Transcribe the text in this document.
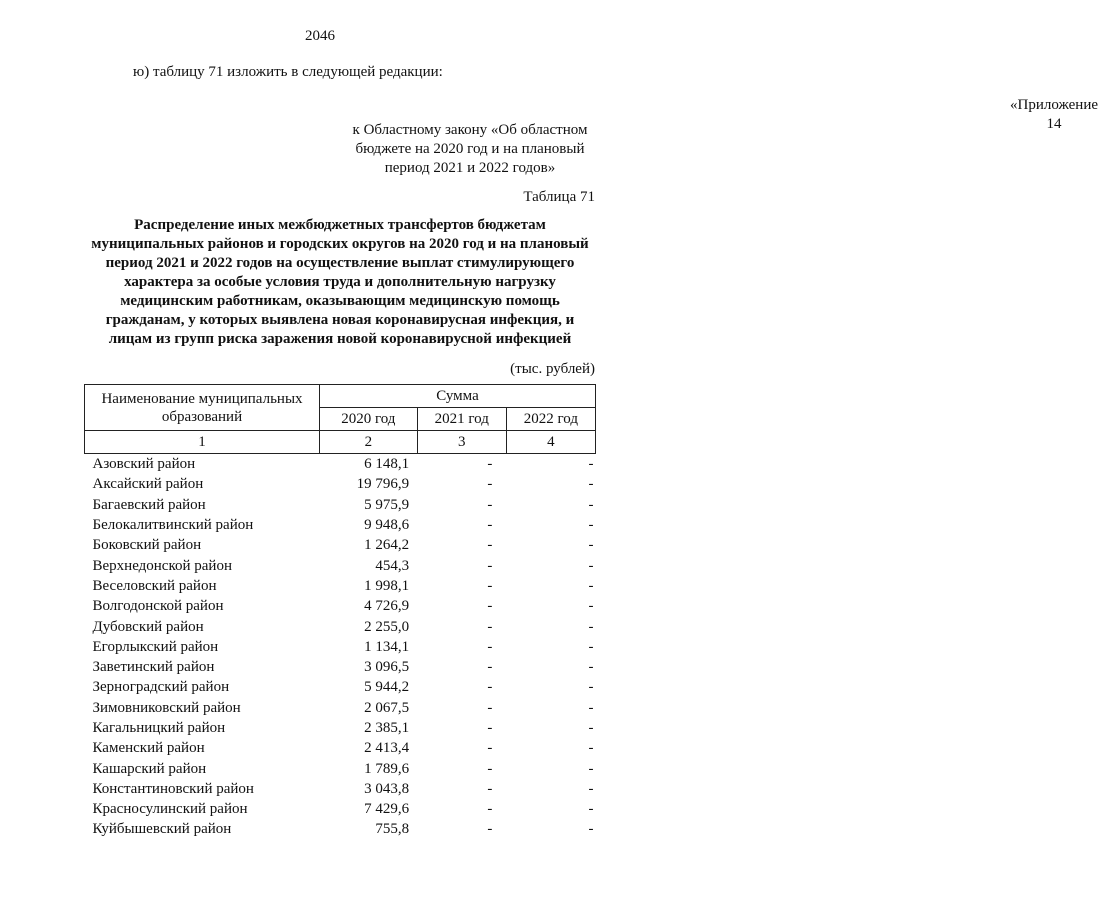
2046
ю) таблицу 71 изложить в следующей редакции:
«Приложение 14
к Областному закону «Об областном бюджете на 2020 год и на плановый период 2021 и 2022 годов»
Таблица 71
Распределение иных межбюджетных трансфертов бюджетам муниципальных районов и городских округов на 2020 год и на плановый период 2021 и 2022 годов на осуществление выплат стимулирующего характера за особые условия труда и дополнительную нагрузку медицинским работникам, оказывающим медицинскую помощь гражданам, у которых выявлена новая коронавирусная инфекция, и лицам из групп риска заражения новой коронавирусной инфекцией
(тыс. рублей)
Наименование муниципальных образований	Сумма		
	2020 год	2021 год	2022 год
1	2	3	4
Азовский район	6 148,1	-	-
Аксайский район	19 796,9	-	-
Багаевский район	5 975,9	-	-
Белокалитвинский район	9 948,6	-	-
Боковский район	1 264,2	-	-
Верхнедонской район	454,3	-	-
Веселовский район	1 998,1	-	-
Волгодонской район	4 726,9	-	-
Дубовский район	2 255,0	-	-
Егорлыкский район	1 134,1	-	-
Заветинский район	3 096,5	-	-
Зерноградский район	5 944,2	-	-
Зимовниковский район	2 067,5	-	-
Кагальницкий район	2 385,1	-	-
Каменский район	2 413,4	-	-
Кашарский район	1 789,6	-	-
Константиновский район	3 043,8	-	-
Красносулинский район	7 429,6	-	-
Куйбышевский район	755,8	-	-
